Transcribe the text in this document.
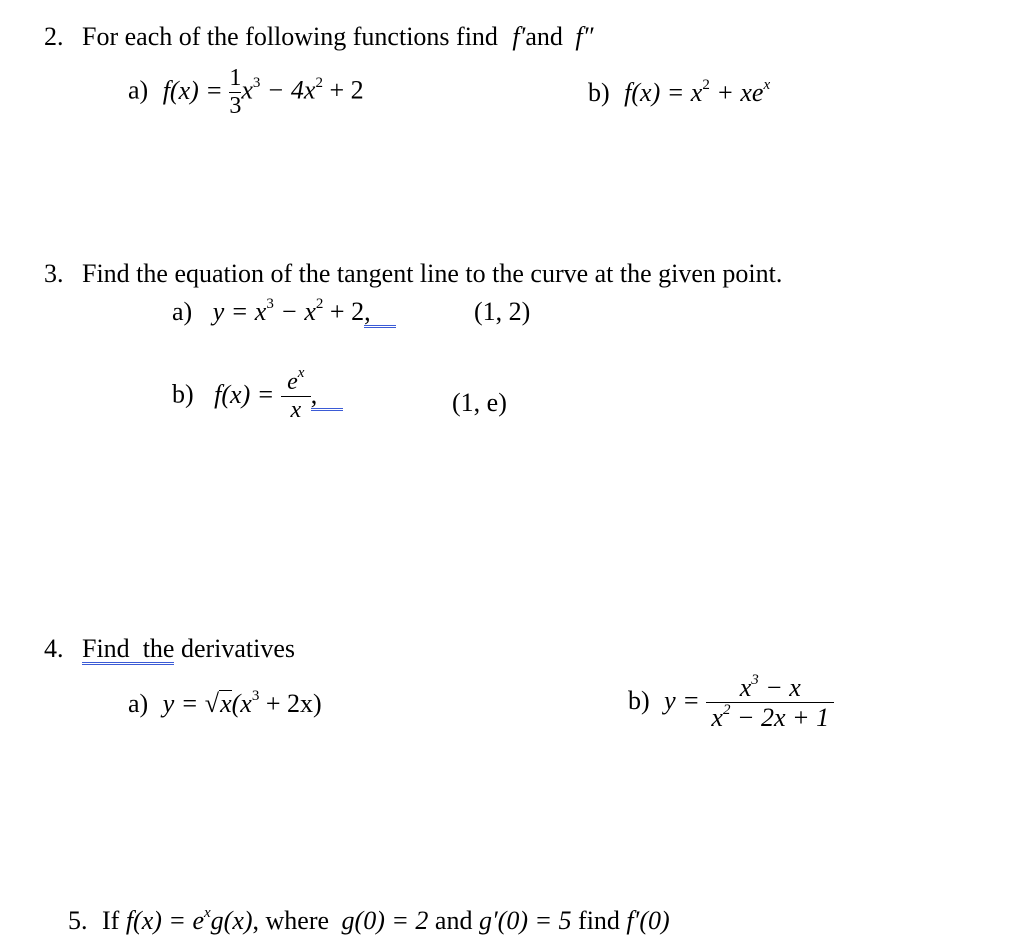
2. For each of the following functions find f′and f″
a) $f(x) = \frac{1}{3} x^3 - 4x^2 + 2$	b) $f(x) = x^2 + xe^x$
3. Find the equation of the tangent line to the curve at the given point.
a) $y = x^3 - x^2 + 2$,	(1, 2)
b) $f(x) = \frac{e^x}{x}$ ,	(1, e)
4. Find the derivatives
a) $y = √x(x^3 + 2x)$	b) $y = \frac{x^3 - x}{x^2 - 2x + 1}$
5. If $f(x) = e^xg(x)$, where g(0) = 2 and g′(0) = 5 find f′(0)
